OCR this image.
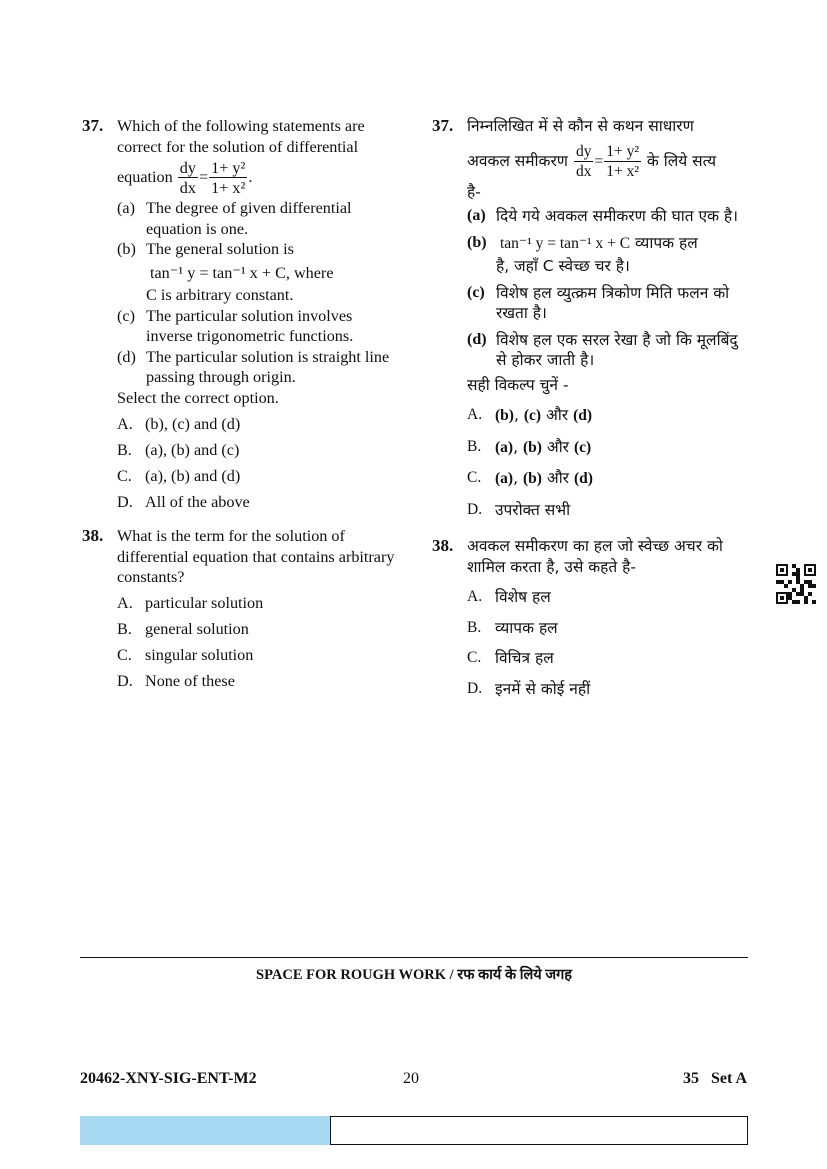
37. Which of the following statements are correct for the solution of differential
equation $\frac{dy}{dx} = \frac{\text{1+ y²}}{\text{1+ x²}}$ .
(a) The degree of given differential equation is one.
(b) The general solution is
tan⁻¹ y = tan⁻¹ x + C, where
C is arbitrary constant.
(c) The particular solution involves inverse trigonometric functions.
(d) The particular solution is straight line passing through origin.
Select the correct option.
A. (b), (c) and (d)
B. (a), (b) and (c)
C. (a), (b) and (d)
D. All of the above
38. What is the term for the solution of differential equation that contains arbitrary constants?
A. particular solution
B. general solution
C. singular solution
D. None of these
37. निम्नलिखित में से कौन से कथन साधारण
अवकल समीकरण $\frac{dy}{dx} = \frac{\text{1+ y²}}{\text{1+ x²}}$ के लिये सत्य
है-
(a) दिये गये अवकल समीकरण की घात एक है।
(b) tan⁻¹ y = tan⁻¹ x + C व्यापक हल
है, जहाँ C स्वेच्छ चर है।
(c) विशेष हल व्युत्क्रम त्रिकोण मिति फलन को रखता है।
(d) विशेष हल एक सरल रेखा है जो कि मूलबिंदु से होकर जाती है।
सही विकल्प चुनें -
A. (b), (c) और (d)
B. (a), (b) और (c)
C. (a), (b) और (d)
D. उपरोक्त सभी
38. अवकल समीकरण का हल जो स्वेच्छ अचर को शामिल करता है, उसे कहते है-
A. विशेष हल
B. व्यापक हल
C. विचित्र हल
D. इनमें से कोई नहीं
SPACE FOR ROUGH WORK / रफ कार्य के लिये जगह
20462-XNY-SIG-ENT-M2	20	35   Set A
